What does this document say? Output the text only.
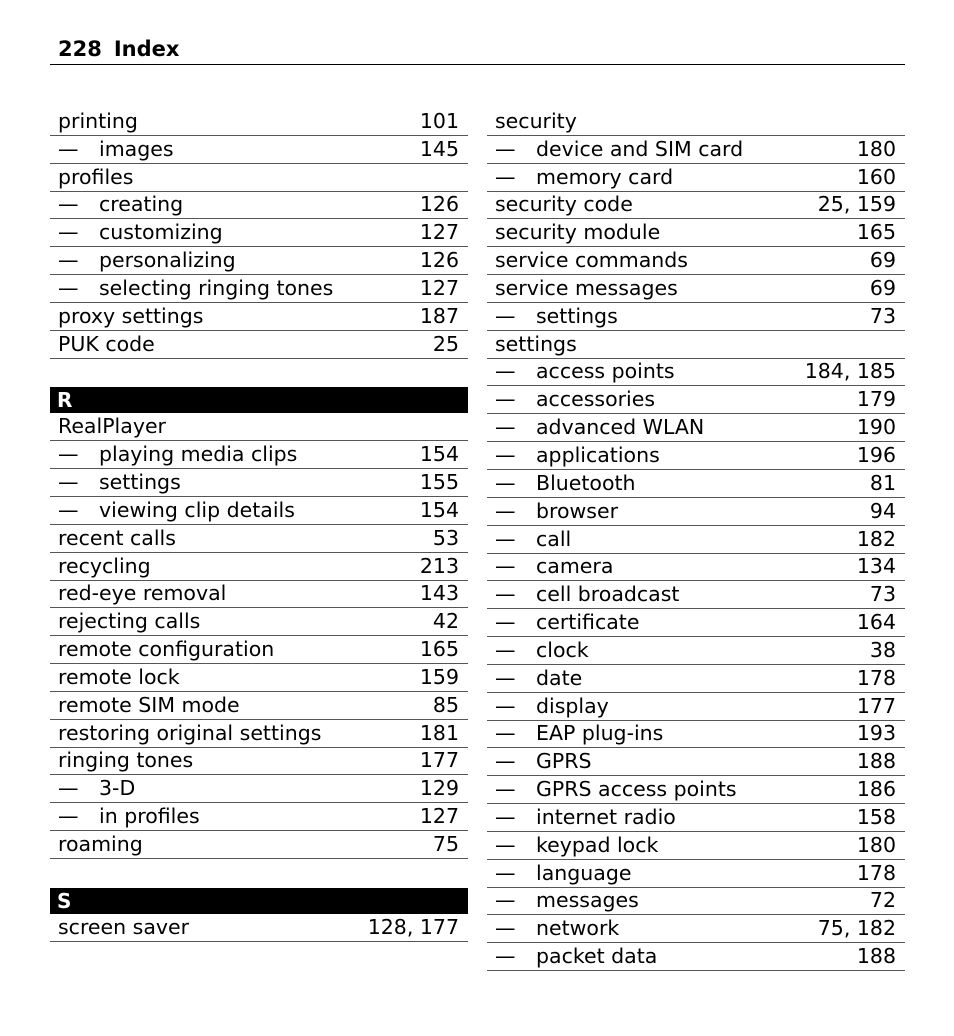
228 Index
printing	101
— images	145
profiles
— creating	126
— customizing	127
— personalizing	126
— selecting ringing tones	127
proxy settings	187
PUK code	25
R
RealPlayer
— playing media clips	154
— settings	155
— viewing clip details	154
recent calls	53
recycling	213
red-eye removal	143
rejecting calls	42
remote configuration	165
remote lock	159
remote SIM mode	85
restoring original settings	181
ringing tones	177
— 3-D	129
— in profiles	127
roaming	75
S
screen saver	128, 177
security
— device and SIM card	180
— memory card	160
security code	25, 159
security module	165
service commands	69
service messages	69
— settings	73
settings
— access points	184, 185
— accessories	179
— advanced WLAN	190
— applications	196
— Bluetooth	81
— browser	94
— call	182
— camera	134
— cell broadcast	73
— certificate	164
— clock	38
— date	178
— display	177
— EAP plug-ins	193
— GPRS	188
— GPRS access points	186
— internet radio	158
— keypad lock	180
— language	178
— messages	72
— network	75, 182
— packet data	188
